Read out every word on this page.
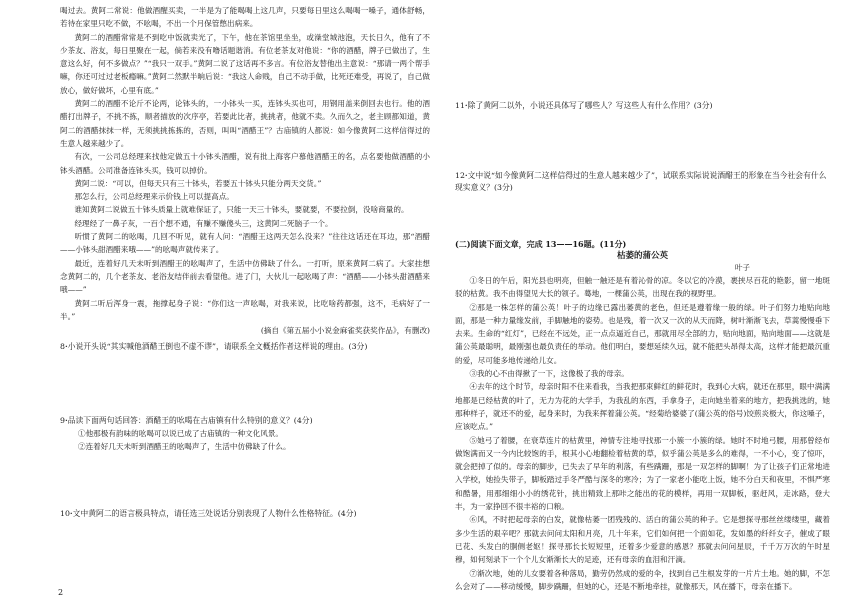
喝过去。黄阿二常说：他做酒醒买卖，一半是为了能喝喝上这几声，只要每日里这么喝喝一嗓子，通体舒畅，若待在家里只吃不做，不吆喝，不出一个月保管憋出病来。

黄阿二的酒醋常常是不到吃中饭就卖光了，下午，他在茶馆里坐坐，或澡堂城池泡，天长日久，他有了不少茶友、浴友，每日里聚在一起，倘若来没有噜话题谐消。有位老茶友对他说：“你的酒醋，牌子已做出了，生意这么好，何不多做点？”“我只一双手。”黄阿二说了这话再不多言。有位浴友替他出主意说：“那请一两个帮手嘛，你还可过过老板瘾嘛。”黄阿二然默半晌后说：“我这人命贱，自己不动手做，比死还难受，再说了，自己做放心，做好做坏，心里有底。”

黄阿二的酒醋不论斤不论两，论钵头的，一小钵头一买，连钵头买也可，用钢用盖来倒回去也行。他的酒醋打出牌子，不挑不拣，顺者描放的次序亭，若要此比者，挑挑者，他就不卖。久而久之，老主顾都知道，黄阿二的酒醋抹抹一样，无须挑挑拣拣的，否则，叫叫“酒醋王”？古庙镇的人都说：如今像黄阿二这样信得过的生意人越来越少了。

有次，一公司总经理来找他定做五十小钵头酒醋，说有批上海客户慕他酒醋王的名，点名要他做酒醋的小钵头酒醋。公司准备连钵头买，钱可以掉价。

黄阿二说：“可以，但每天只有三十钵头，若要五十钵头只能分两天交货。”

那怎么行，公司总经理来示价钱上可以提高点。

谁知黄阿二说做五十钵头质量上就难保证了，只能一天三十钵头，要就要，不要拉倒，没啥商量的。

经理经了一鼻子灰，一百个想不通，有赚不赚傻头三，这黄阿二死脑子一个。

听惯了黄阿二的吆喝，几回不听见，就有人问：“酒醋王这两天怎么没来？”往往这话还在耳边，那“酒醋——小钵头甜酒醋来哦——”的吆喝声就传来了。

最近，连着好几天未听到酒醋王的吆喝声了，生活中仿佛缺了什么。一打听，原来黄阿二病了。大家挂想念黄阿二的，几个老茶友、老浴友结伴前去看望他。进了门，大伙儿一起吆喝了声：“酒醋——小钵头甜酒醋来哦——”

黄阿二听后浑身一震，拖撑起身子说：“你们这一声吆喝，对我来说，比吃啥药都强，这不，毛病好了一半。”

(摘自《第五届小小说金麻雀奖获奖作品》，有删改)

8·小说开头说“其实喊他酒醋王倒也不虚不谬”，请联系全文概括作者这样说的理由。(3分)
9·品读下面两句话回答：酒醋王的吆喝在古庙镇有什么特别的意义？(4分)
①他那极有韵味的吆喝可以说已成了古庙镇的一种文化风景。
②连着好几天未听到酒醋王的吆喝声了，生活中仿佛缺了什么。
10·文中黄阿二的语言极具特点，请任选三处说话分别表现了人物什么性格特征。(4分)
11·除了黄阿二以外，小说还具体写了哪些人？写这些人有什么作用？(3分)
12·文中说“如今像黄阿二这样信得过的生意人越来越少了”，试联系实际说说酒醋王的形象在当今社会有什么现实意义？(3分)
(二)阅读下面文章，完成 13——16题。(11分)
枯萎的蒲公英
叶子

①冬日的午后，阳光县也明亮，但触一触还是有着沁骨的凉。冬以它的冷漠，裹挟尽百花的艳影，留一地斑驳的枯黄。我不由得望见大长的领子。蓦地，一棵蒲公英，出现在我的视野里。

②那是一株怎样的蒲公英！叶子的边缘已露出萎黄的老色，但还是遵着缘一般的绿。叶子们努力地贴向地面，那是一种力量缘发前，手脚触地的姿势。也是残，着一次又一次的从天而降，树叶渐渐飞去，草蒿慢慢垂下去来。生命的“红灯”，已经在不远处，正一点点逼近自己，那就用尽全部的力，贴向地面，贴向地面——这就是蒲公英最聪明，最刚强也最负责任的举动。他们明白，要想延续久远，就不能把头昂得太高，这样才能把最沉重的爱，尽可能多地传递给儿女。

③我的心不由得揪了一下，这像极了我的母亲。

④去年的这个时节，母亲时阳不住来看我，当我把那束鲜红的鲜花时，我到心大病，就还在那里，眼中满满地都是已经枯黄的叶了，无力为花的大学手，为我乱的东西，手拿身子，走向她坐着来的地方，把我挑选的，她那种样子，就还不的爱，起身来时，为我来挥着蒲公英。“经菊给婆婆了(蒲公英的俗号)饺煎炎极大，你这嗓子，应该吃点。”

⑤她弓了着腰，在衰草连片的枯黄里，神情专注地寻找那一小簇一小簇的绿。她时不时地弓腰，用那曾经布做饱满而又一今内比较饱的手，根其小心地翻检着枯黄的草，似乎蒲公英是多么的难得，一不小心，变了惊吓，就会把掉了似的。母亲的脚步，已失去了早年的利落，有些蹒跚，那是一双怎样的脚啊！为了让孩子们正常地进入学校，她捡失带子，脚板踏过手冬严酷与深冬的寒冷；为了一家老小能吃上饭，她不分白天和夜里，不惧严寒和酷暑，用那细细小小的绣花针，挑出精致上那咔之能出的花的模样，再用一双脚板，驱赶风，走冰路，登大丰，为一家挣回不很丰裕的口粮。

⑥风，不时把起母亲的白发，就像枯萎一团残残的、活白的蒲公英的种子。它是想探寻那丝丝缕缕里，藏着多少生活的艰辛吧？那就去问问太阳和月亮，几十年来，它们如何把一个面如花，发如墨的纤纤女子，催成了眼已花、头发白的胴侧老妪！探寻那长长短短里，还着多少爱意的感恩？那就去问问星辰，千千万万次的午时星穆，如何刻录下一个个儿女渐渐长大的足迹，还有母亲的血泪和汗滴。

⑦渐次地，她的儿女要着各种落局，勤劳仍然成的爱的伞，找到自己生根发芽的一片片土地。她的脚，不怎么会对了——移动缓慢，脚步蹒跚，但她的心，还是不断地牵挂，就像那天，风在播下，母亲在播下。

2
